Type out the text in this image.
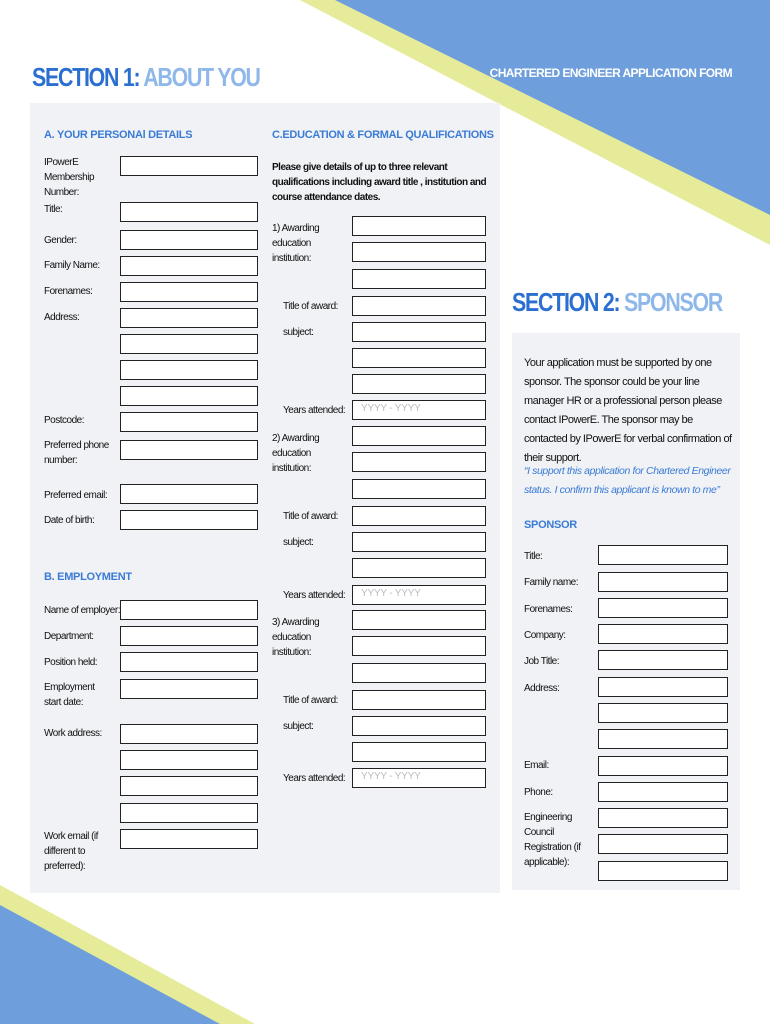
SECTION 1: ABOUT YOU	CHARTERED ENGINEER APPLICATION FORM
A. YOUR PERSONAl DETAILS
IPowerE Membership Number:
Title:
Gender:
Family Name:
Forenames:
Address:
Postcode:
Preferred phone number:
Preferred email:
Date of birth:
B. EMPLOYMENT
Name of employer:
Department:
Position held:
Employment start date:
Work address:
Work email (if different to preferred):
C.EDUCATION & FORMAL QUALIFICATIONS
Please give details of up to three relevant qualifications including award title , institution and course attendance dates.
1) Awarding education institution:
Title of award:
subject:
Years attended: YYYY - YYYY
2) Awarding education institution:
Title of award:
subject:
Years attended: YYYY - YYYY
3) Awarding education institution:
Title of award:
subject:
Years attended: YYYY - YYYY
SECTION 2: SPONSOR
Your application must be supported by one sponsor. The sponsor could be your line manager HR or a professional person please contact IPowerE. The sponsor may be contacted by IPowerE for verbal confirmation of their support.
“I support this application for Chartered Engineer status. I confirm this applicant is known to me”
SPONSOR
Title:
Family name:
Forenames:
Company:
Job Title:
Address:
Email:
Phone:
Engineering Council Registration (if applicable):
